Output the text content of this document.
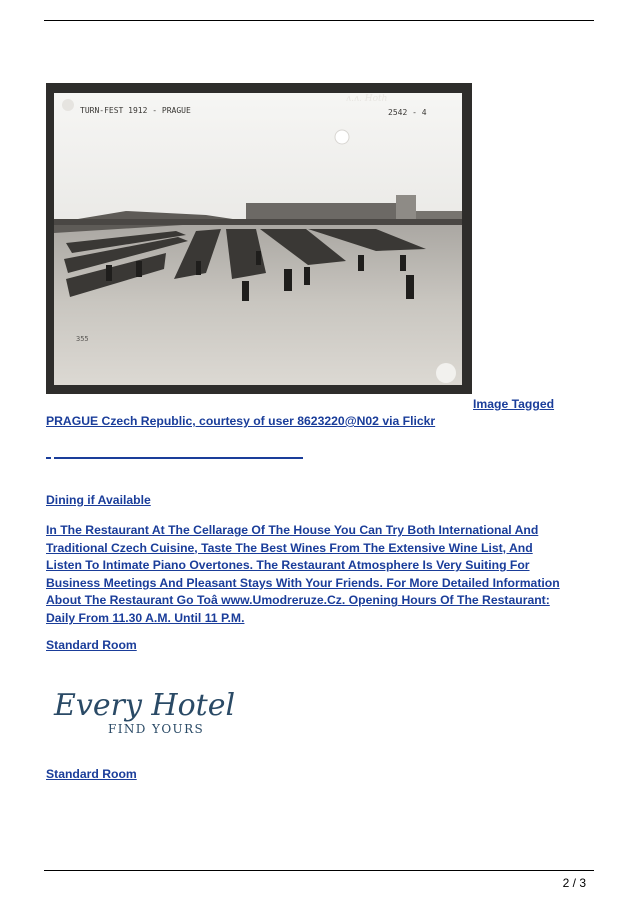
TURN-FEST 1912 - PRAGUE	2542 - 4
ʌ.ʌ. Hoth
355
Image Tagged
PRAGUE Czech Republic, courtesy of user 8623220@N02 via Flickr
Dining if Available
In The Restaurant At The Cellarage Of The House You Can Try Both International And
Traditional Czech Cuisine, Taste The Best Wines From The Extensive Wine List, And
Listen To Intimate Piano Overtones. The Restaurant Atmosphere Is Very Suiting For
Business Meetings And Pleasant Stays With Your Friends. For More Detailed Information
About The Restaurant Go Toâ www.Umodreruze.Cz. Opening Hours Of The Restaurant:
Daily From 11.30 A.M. Until 11 P.M.
Standard Room
Every Hotel
FIND YOURS
Standard Room
2 / 3
